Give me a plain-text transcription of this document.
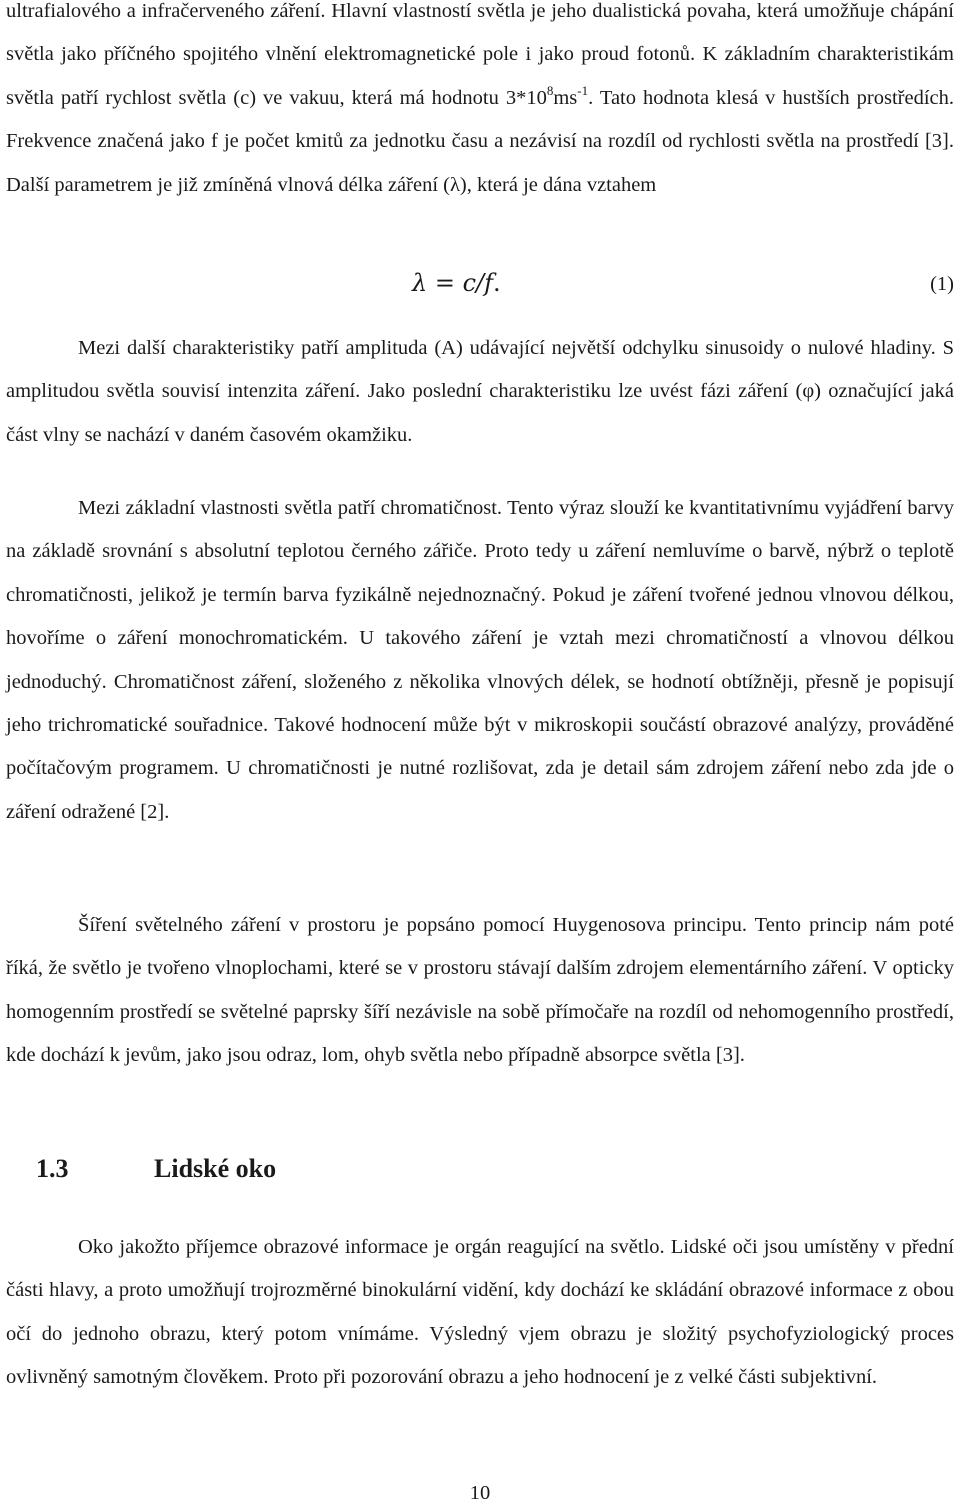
ultrafialového a infračerveného záření. Hlavní vlastností světla je jeho dualistická povaha, která umožňuje chápání světla jako příčného spojitého vlnění elektromagnetické pole i jako proud fotonů. K základním charakteristikám světla patří rychlost světla (c) ve vakuu, která má hodnotu $3*10^8ms^{-1}$. Tato hodnota klesá v hustších prostředích. Frekvence značená jako f je počet kmitů za jednotku času a nezávisí na rozdíl od rychlosti světla na prostředí [3]. Další parametrem je již zmíněná vlnová délka záření (λ), která je dána vztahem

λ = c/f.	(1)

Mezi další charakteristiky patří amplituda (A) udávající největší odchylku sinusoidy o nulové hladiny. S amplitudou světla souvisí intenzita záření. Jako poslední charakteristiku lze uvést fázi záření (φ) označující jaká část vlny se nachází v daném časovém okamžiku.

Mezi základní vlastnosti světla patří chromatičnost. Tento výraz slouží ke kvantitativnímu vyjádření barvy na základě srovnání s absolutní teplotou černého zářiče. Proto tedy u záření nemluvíme o barvě, nýbrž o teplotě chromatičnosti, jelikož je termín barva fyzikálně nejednoznačný. Pokud je záření tvořené jednou vlnovou délkou, hovoříme o záření monochromatickém. U takového záření je vztah mezi chromatičností a vlnovou délkou jednoduchý. Chromatičnost záření, složeného z několika vlnových délek, se hodnotí obtížněji, přesně je popisují jeho trichromatické souřadnice. Takové hodnocení může být v mikroskopii součástí obrazové analýzy, prováděné počítačovým programem. U chromatičnosti je nutné rozlišovat, zda je detail sám zdrojem záření nebo zda jde o záření odražené [2].

Šíření světelného záření v prostoru je popsáno pomocí Huygenosova principu. Tento princip nám poté říká, že světlo je tvořeno vlnoplochami, které se v prostoru stávají dalším zdrojem elementárního záření. V opticky homogenním prostředí se světelné paprsky šíří nezávisle na sobě přímočaře na rozdíl od nehomogenního prostředí, kde dochází k jevům, jako jsou odraz, lom, ohyb světla nebo případně absorpce světla [3].

1.3	Lidské oko

Oko jakožto příjemce obrazové informace je orgán reagující na světlo. Lidské oči jsou umístěny v přední části hlavy, a proto umožňují trojrozměrné binokulární vidění, kdy dochází ke skládání obrazové informace z obou očí do jednoho obrazu, který potom vnímáme. Výsledný vjem obrazu je složitý psychofyziologický proces ovlivněný samotným člověkem. Proto při pozorování obrazu a jeho hodnocení je z velké části subjektivní.

10
